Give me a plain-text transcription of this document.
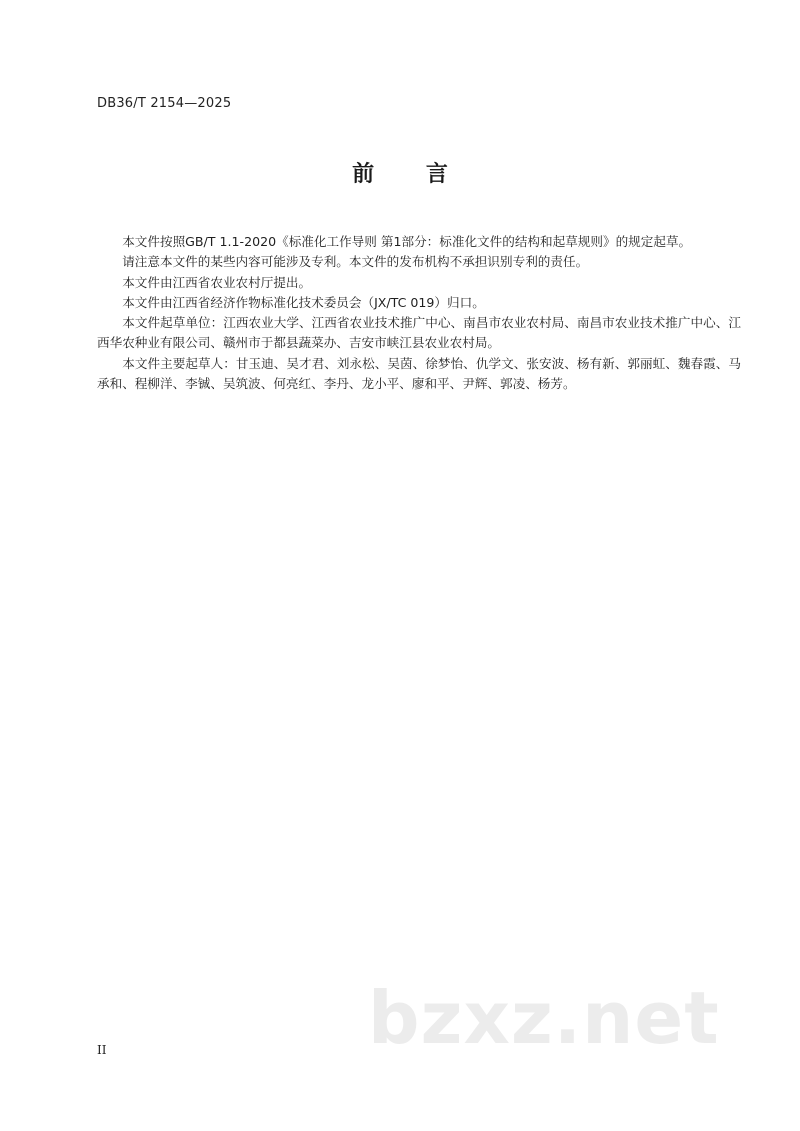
DB36/T 2154—2025
前 言

本文件按照GB/T 1.1-2020《标准化工作导则 第1部分：标准化文件的结构和起草规则》的规定起草。

请注意本文件的某些内容可能涉及专利。本文件的发布机构不承担识别专利的责任。

本文件由江西省农业农村厅提出。

本文件由江西省经济作物标准化技术委员会（JX/TC 019）归口。

本文件起草单位：江西农业大学、江西省农业技术推广中心、南昌市农业农村局、南昌市农业技术推广中心、江西华农种业有限公司、赣州市于都县蔬菜办、吉安市峡江县农业农村局。

本文件主要起草人：甘玉迪、吴才君、刘永松、吴茵、徐梦怡、仇学文、张安波、杨有新、郭丽虹、魏春霞、马承和、程柳洋、李铖、吴筑波、何亮红、李丹、龙小平、廖和平、尹辉、郭凌、杨芳。

II	bzxz.net
